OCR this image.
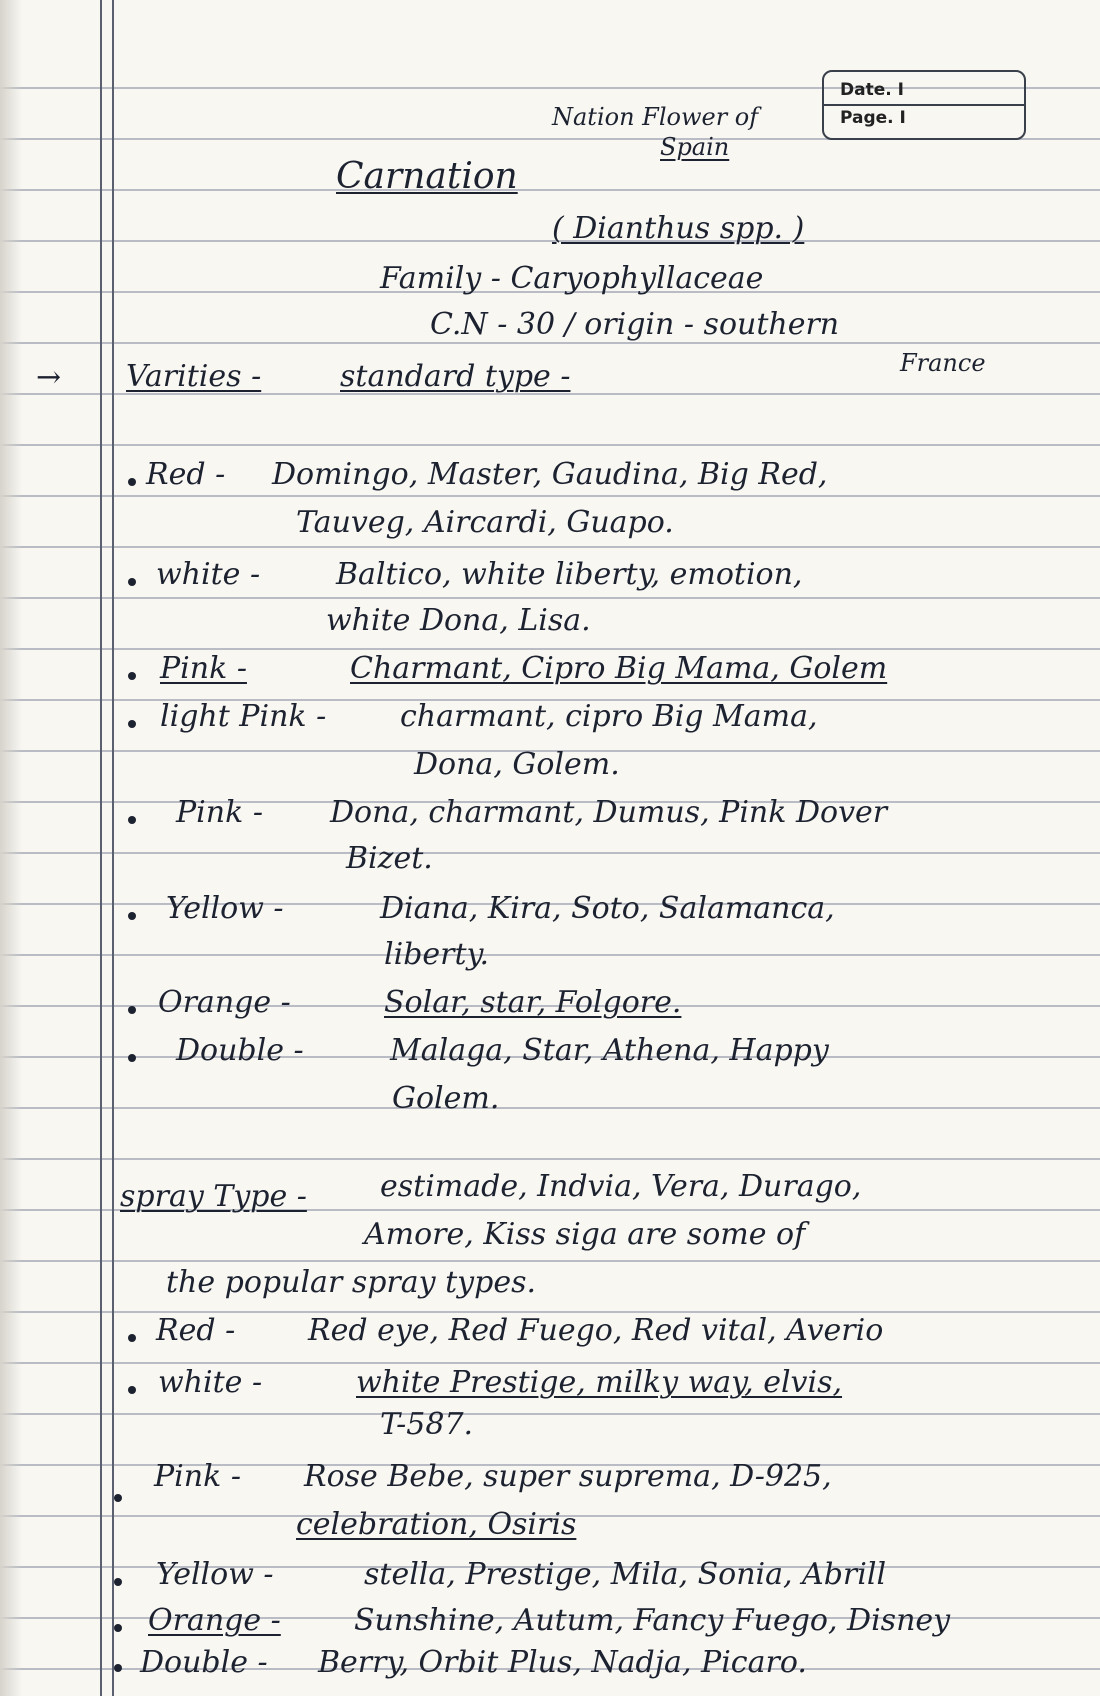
Date. I
Page. I
Nation Flower of
Spain
Carnation
( Dianthus spp. )
Family - Caryophyllaceae
C.N - 30 / origin - southern
France
→ Varities -	standard type -
Red - Domingo, Master, Gaudina, Big Red,
Tauveg, Aircardi, Guapo.
white -	Baltico, white liberty, emotion,
white Dona, Lisa.
Pink -	Charmant, Cipro Big Mama, Golem
light Pink - charmant, cipro Big Mama,
Dona, Golem.
Pink - Dona, charmant, Dumus, Pink Dover
Bizet.
Yellow -	Diana, Kira, Soto, Salamanca,
liberty.
Orange -	Solar, star, Folgore.
Double -	Malaga, Star, Athena, Happy
Golem.
spray Type - estimade, Indvia, Vera, Durago,
Amore, Kiss siga are some of
the popular spray types.
Red - Red eye, Red Fuego, Red vital, Averio
white -	white Prestige, milky way, elvis,
T-587.
Pink - Rose Bebe, super suprema, D-925,
celebration, Osiris
Yellow -	stella, Prestige, Mila, Sonia, Abrill
Orange - Sunshine, Autum, Fancy Fuego, Disney
Double - Berry, Orbit Plus, Nadja, Picaro.
